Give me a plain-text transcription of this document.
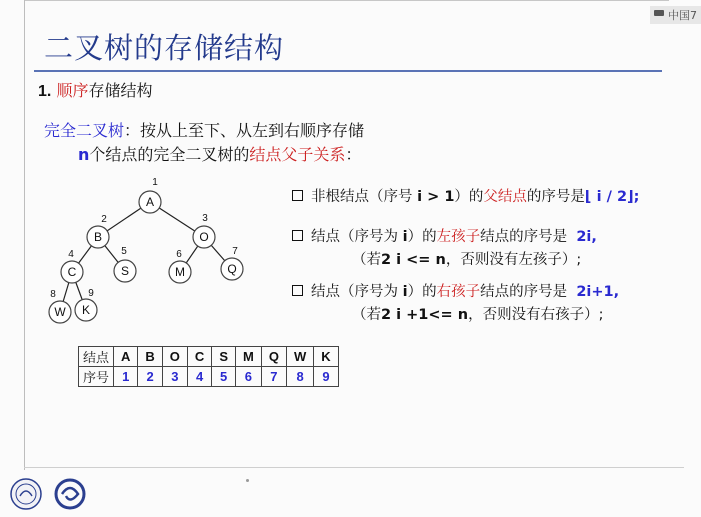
中国7
二叉树的存储结构
1. 顺序存储结构
完全二叉树：按从上至下、从左到右顺序存储
n个结点的完全二叉树的结点父子关系：
A
B	O
C	S	M	Q
W K
1
2	3
4	5	6	7
8	9
非根结点（序号 i > 1）的父结点的序号是⌊ i / 2⌋;
结点（序号为 i）的左孩子结点的序号是 2i,
（若2 i <= n，否则没有左孩子）;
结点（序号为 i）的右孩子结点的序号是 2i+1,
（若2 i +1<= n，否则没有右孩子）;
结点	A	B	O	C	S	M	Q	W	K
序号	1	2	3	4	5	6	7	8	9
